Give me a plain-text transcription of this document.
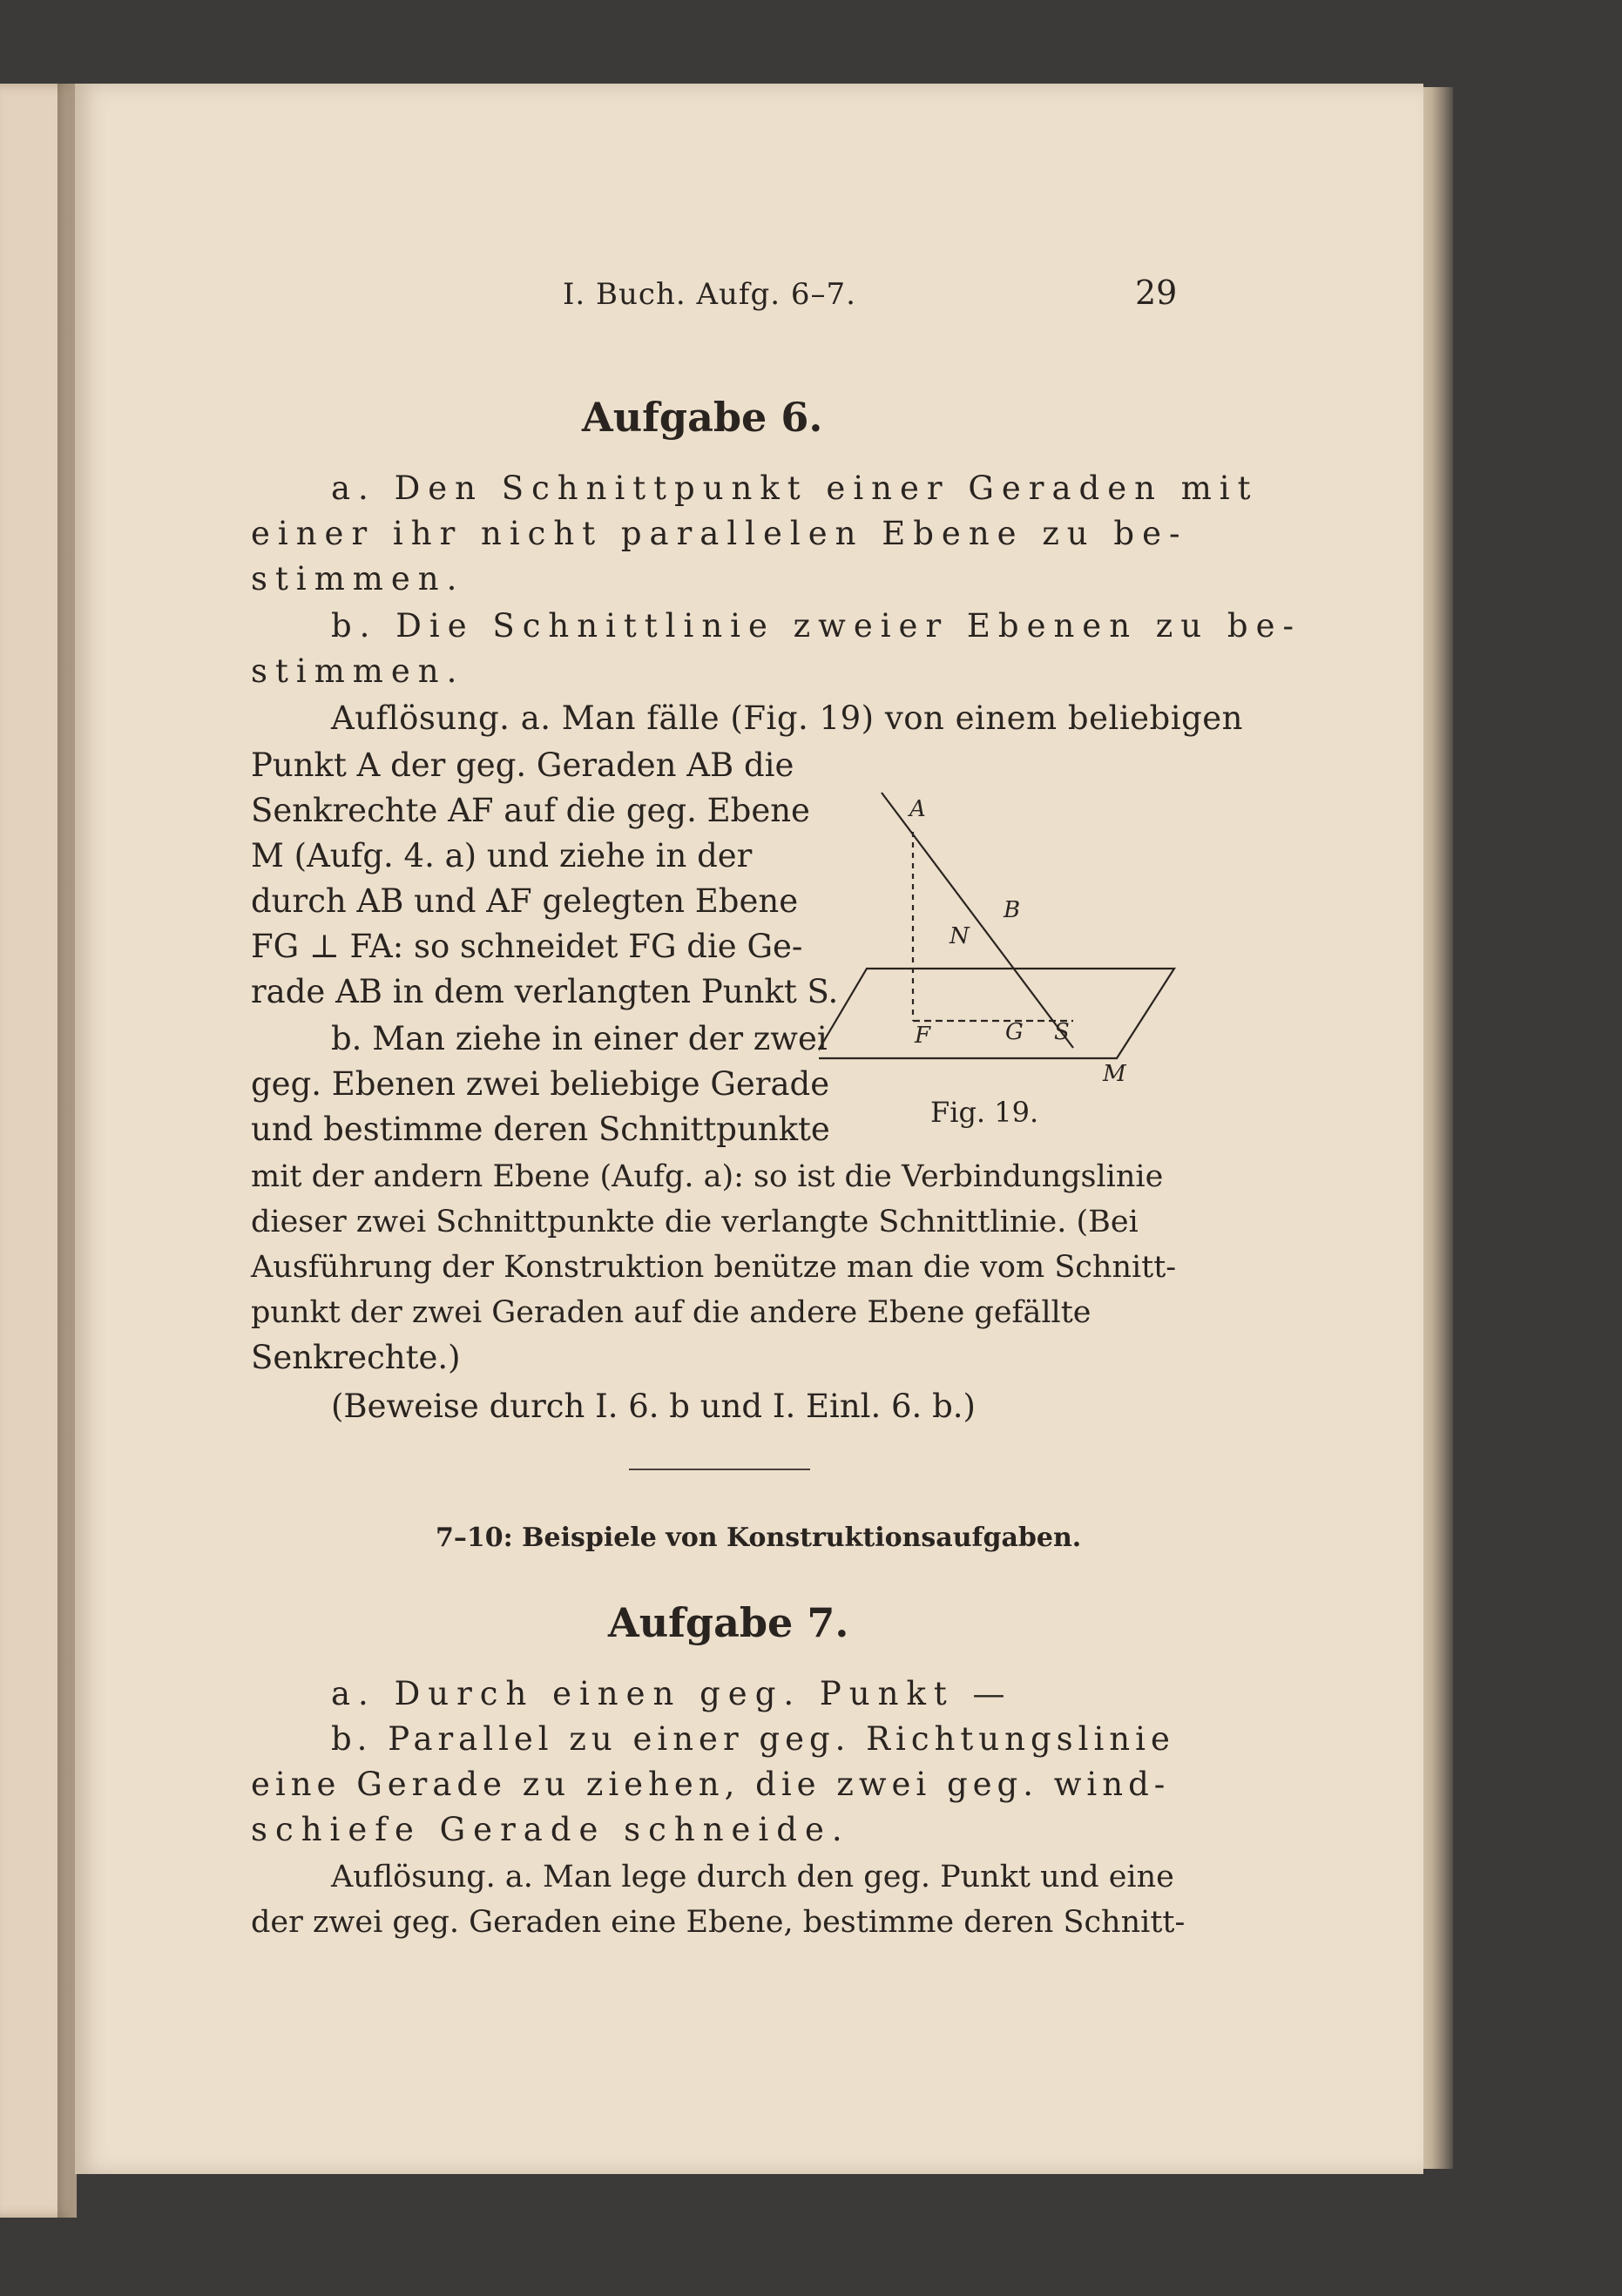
I. Buch. Aufg. 6–7.	29
Aufgabe 6.
a. Den Schnittpunkt einer Geraden mit
einer ihr nicht parallelen Ebene zu be-
stimmen.
b. Die Schnittlinie zweier Ebenen zu be-
stimmen.
Auflösung. a. Man fälle (Fig. 19) von einem beliebigen
Punkt A der geg. Geraden AB die
Senkrechte AF auf die geg. Ebene
M (Aufg. 4. a) und ziehe in der
durch AB und AF gelegten Ebene
FG ⊥ FA: so schneidet FG die Ge-
rade AB in dem verlangten Punkt S.
b. Man ziehe in einer der zwei
geg. Ebenen zwei beliebige Gerade
und bestimme deren Schnittpunkte
mit der andern Ebene (Aufg. a): so ist die Verbindungslinie
dieser zwei Schnittpunkte die verlangte Schnittlinie. (Bei
Ausführung der Konstruktion benütze man die vom Schnitt-
punkt der zwei Geraden auf die andere Ebene gefällte
Senkrechte.)
(Beweise durch I. 6. b und I. Einl. 6. b.)
A
B
N
F	G S
M
Fig. 19.
7–10: Beispiele von Konstruktionsaufgaben.
Aufgabe 7.
a. Durch einen geg. Punkt —
b. Parallel zu einer geg. Richtungslinie
eine Gerade zu ziehen, die zwei geg. wind-
schiefe Gerade schneide.
Auflösung. a. Man lege durch den geg. Punkt und eine
der zwei geg. Geraden eine Ebene, bestimme deren Schnitt-
